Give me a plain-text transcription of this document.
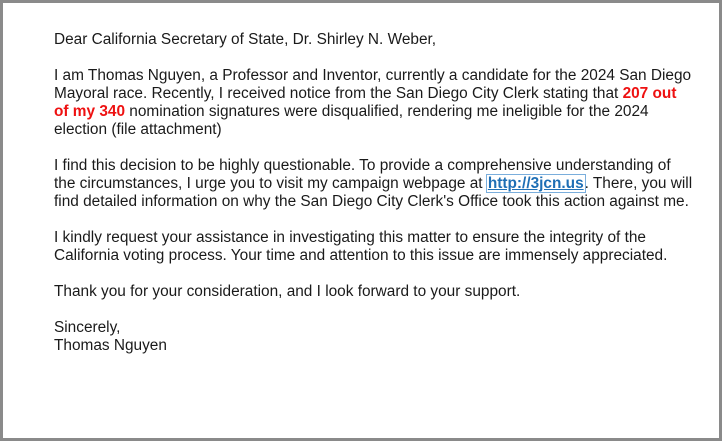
Dear California Secretary of State, Dr. Shirley N. Weber,

I am Thomas Nguyen, a Professor and Inventor, currently a candidate for the 2024 San Diego Mayoral race. Recently, I received notice from the San Diego City Clerk stating that 207 out of my 340 nomination signatures were disqualified, rendering me ineligible for the 2024 election (file attachment)

I find this decision to be highly questionable. To provide a comprehensive understanding of the circumstances, I urge you to visit my campaign webpage at http://3jcn.us. There, you will find detailed information on why the San Diego City Clerk's Office took this action against me.

I kindly request your assistance in investigating this matter to ensure the integrity of the California voting process. Your time and attention to this issue are immensely appreciated.

Thank you for your consideration, and I look forward to your support.

Sincerely,
Thomas Nguyen
